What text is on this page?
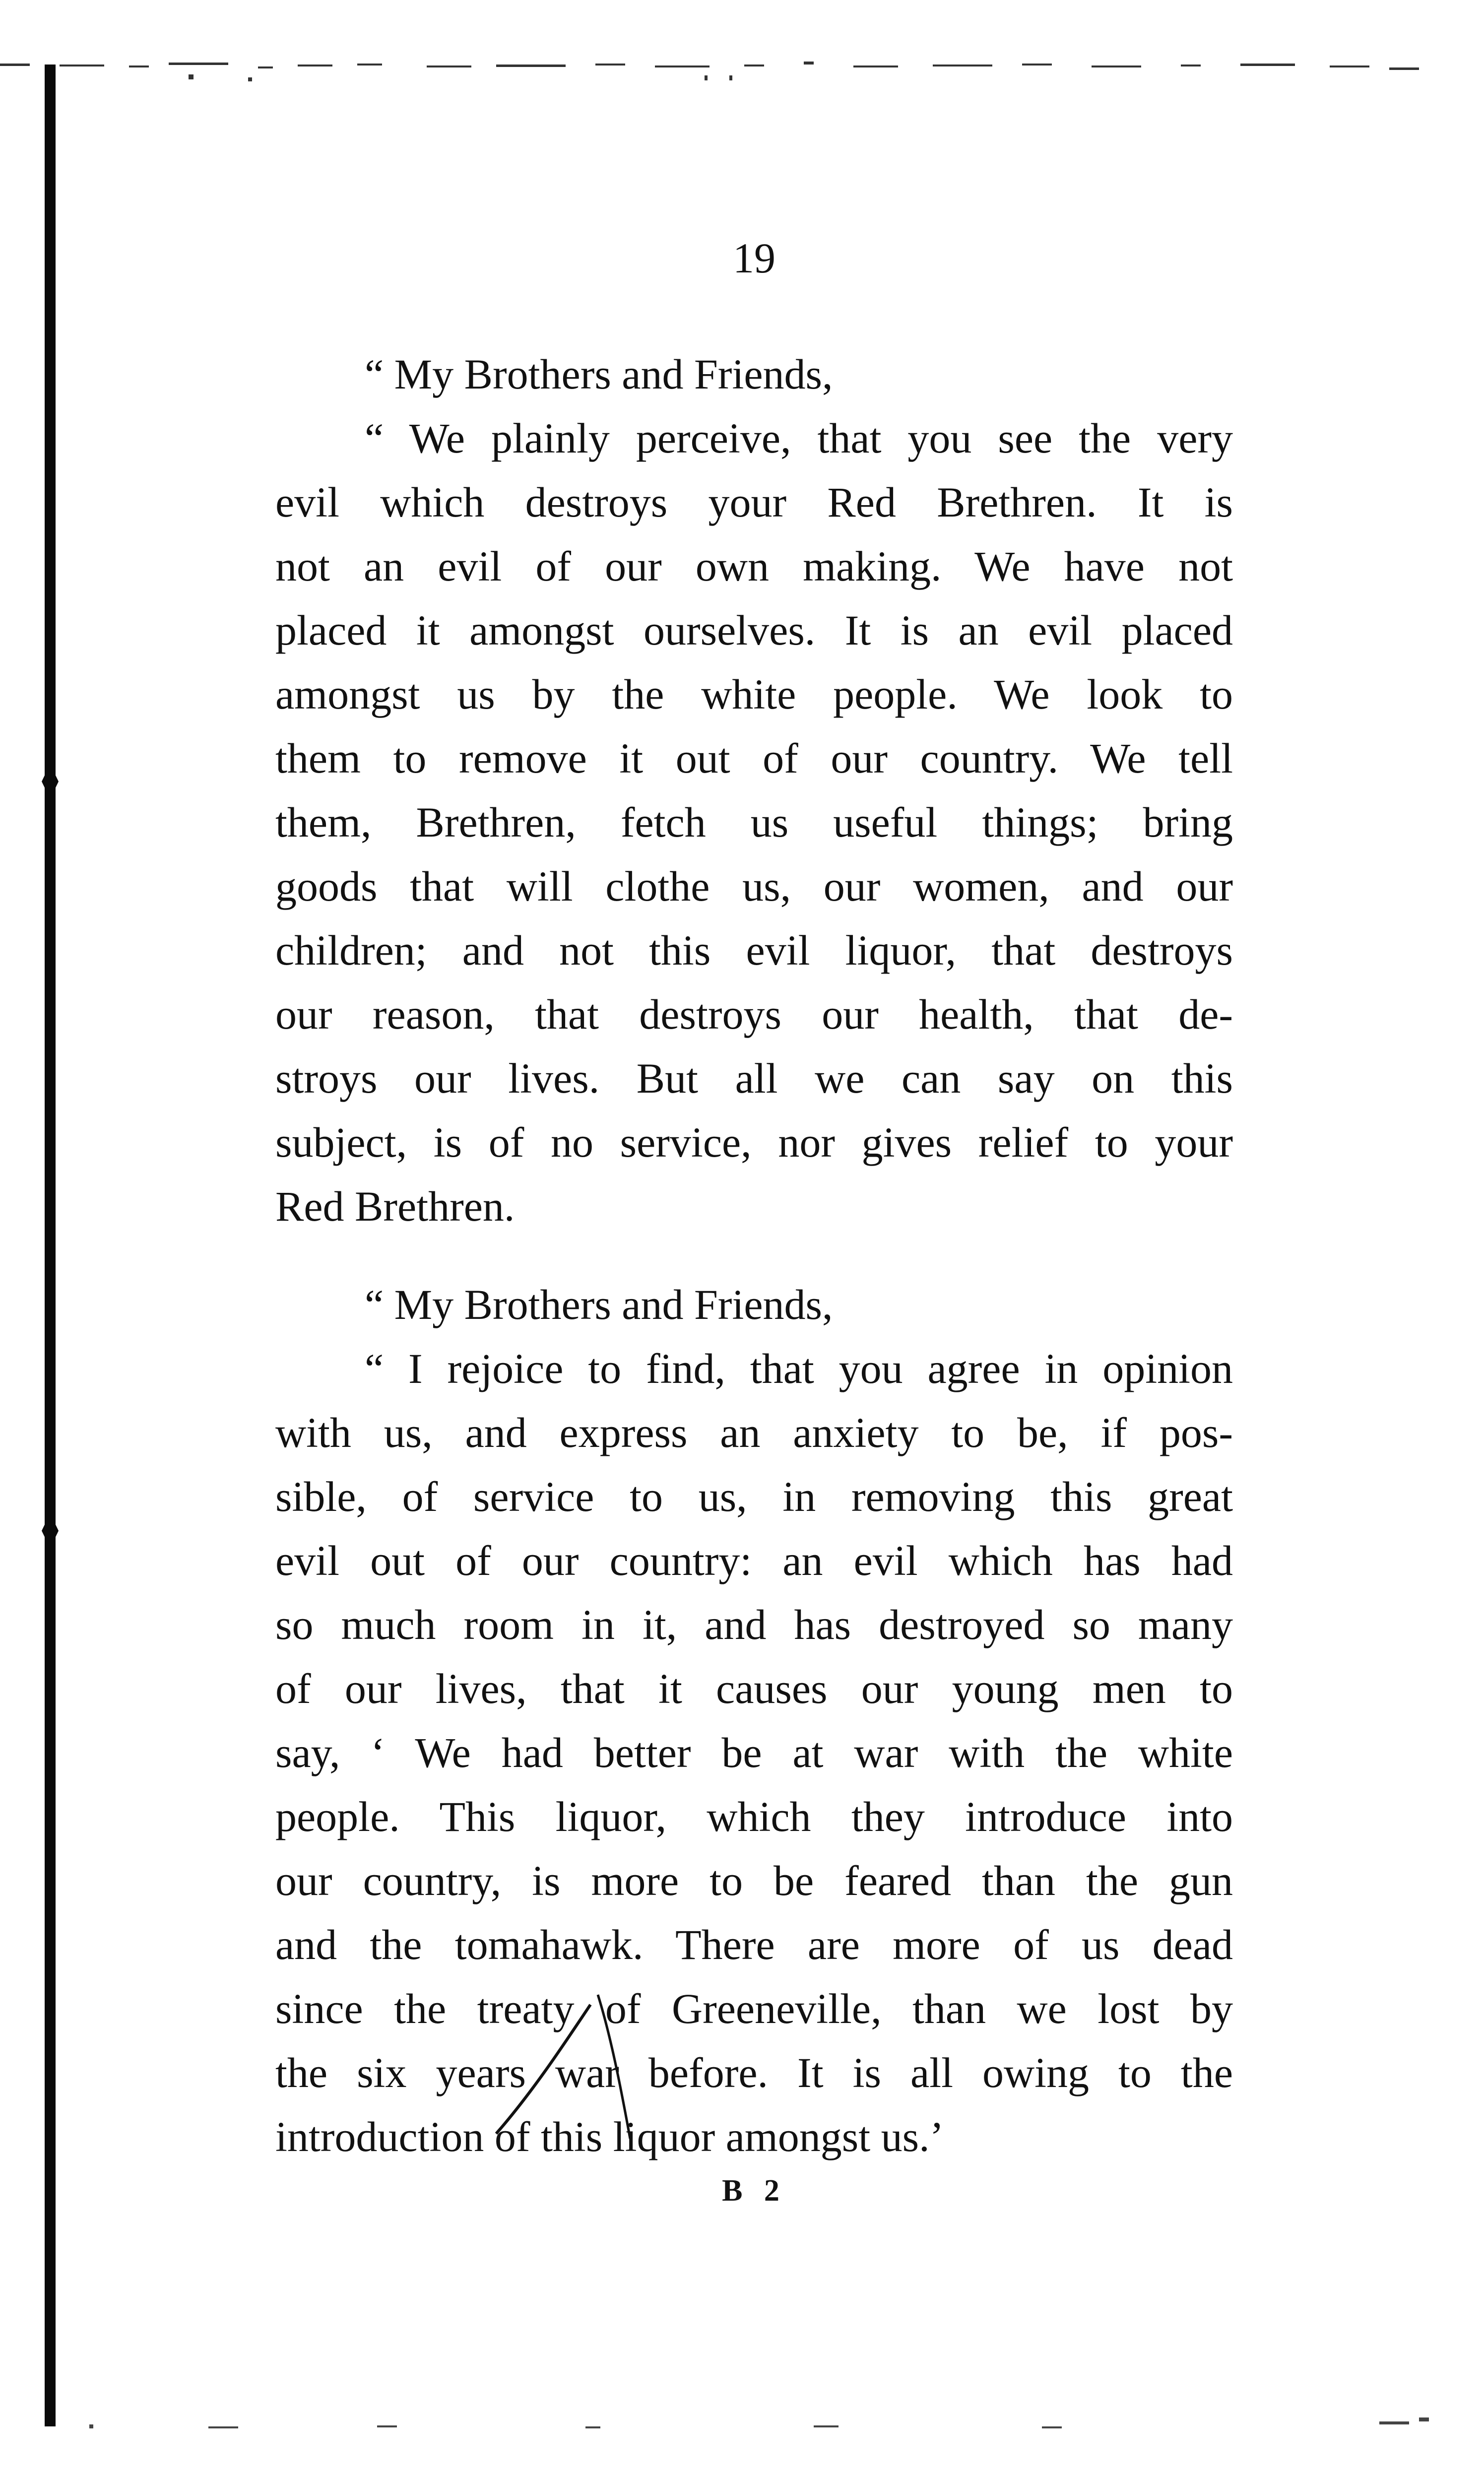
19
“ My Brothers and Friends,
“ We plainly perceive, that you see the very
evil which destroys your Red Brethren. It is
not an evil of our own making. We have not
placed it amongst ourselves. It is an evil placed
amongst us by the white people. We look to
them to remove it out of our country. We tell
them, Brethren, fetch us useful things; bring
goods that will clothe us, our women, and our
children; and not this evil liquor, that destroys
our reason, that destroys our health, that de-
stroys our lives. But all we can say on this
subject, is of no service, nor gives relief to your
Red Brethren.
“ My Brothers and Friends,
“ I rejoice to find, that you agree in opinion
with us, and express an anxiety to be, if pos-
sible, of service to us, in removing this great
evil out of our country: an evil which has had
so much room in it, and has destroyed so many
of our lives, that it causes our young men to
say, ‘ We had better be at war with the white
people. This liquor, which they introduce into
our country, is more to be feared than the gun
and the tomahawk. There are more of us dead
since the treaty of Greeneville, than we lost by
the six years war before. It is all owing to the
introduction of this liquor amongst us.’
B 2
